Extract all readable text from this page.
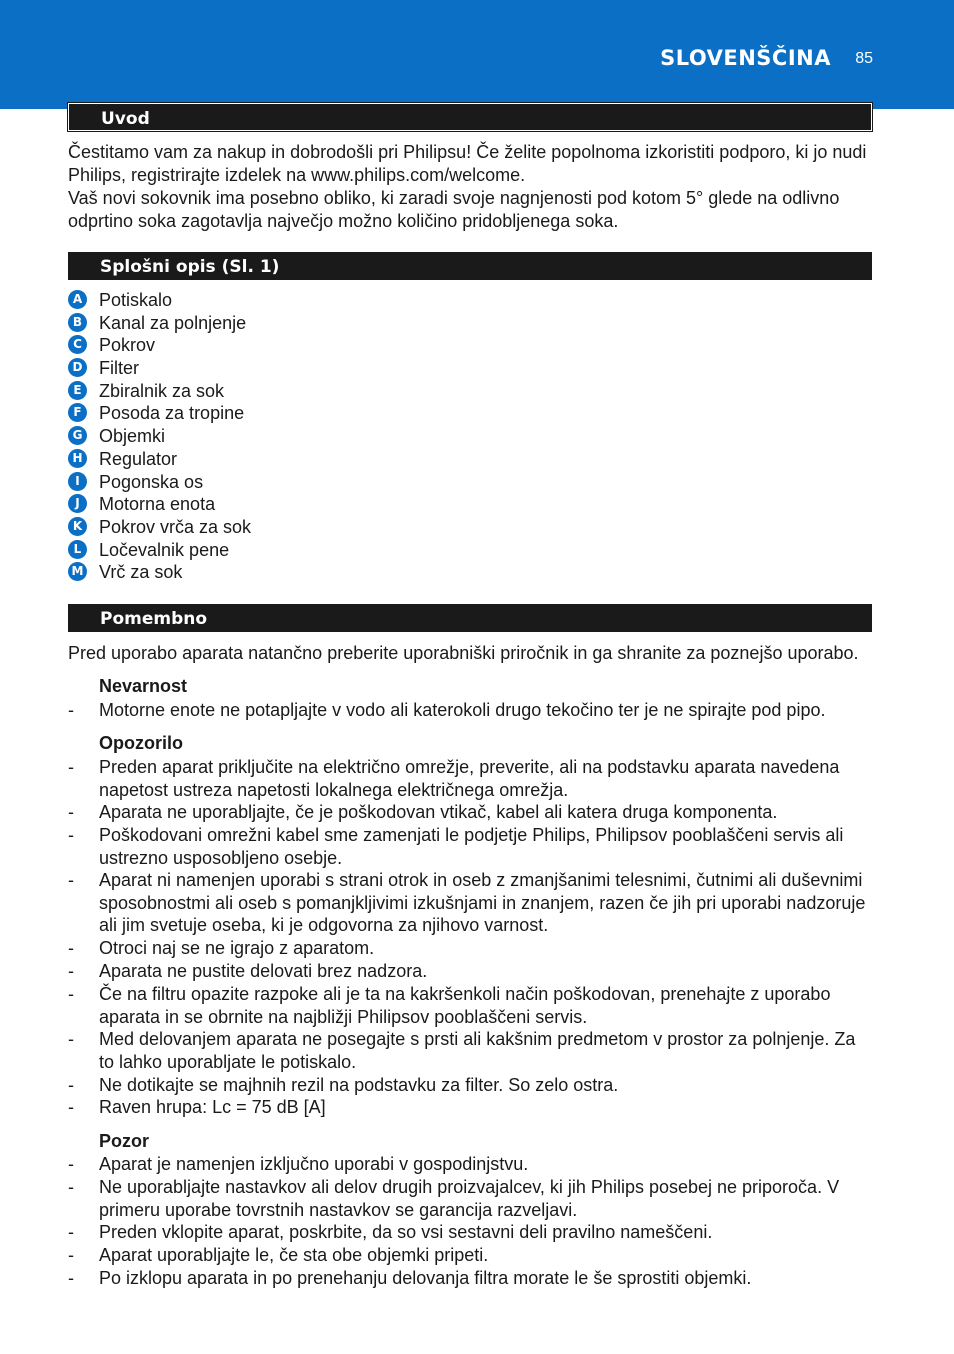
SLOVENŠČINA 85
Uvod
Čestitamo vam za nakup in dobrodošli pri Philipsu! Če želite popolnoma izkoristiti podporo, ki jo nudi Philips, registrirajte izdelek na www.philips.com/welcome.
Vaš novi sokovnik ima posebno obliko, ki zaradi svoje nagnjenosti pod kotom 5° glede na odlivno odprtino soka zagotavlja največjo možno količino pridobljenega soka.
Splošni opis (Sl. 1)
A Potiskalo
B Kanal za polnjenje
C Pokrov
D Filter
E Zbiralnik za sok
F Posoda za tropine
G Objemki
H Regulator
I	Pogonska os
J	Motorna enota
K Pokrov vrča za sok
L Ločevalnik pene
M Vrč za sok
Pomembno
Pred uporabo aparata natančno preberite uporabniški priročnik in ga shranite za poznejšo uporabo.
Nevarnost
- Motorne enote ne potapljajte v vodo ali katerokoli drugo tekočino ter je ne spirajte pod pipo.
Opozorilo
- Preden aparat priključite na električno omrežje, preverite, ali na podstavku aparata navedena napetost ustreza napetosti lokalnega električnega omrežja.
- Aparata ne uporabljajte, če je poškodovan vtikač, kabel ali katera druga komponenta.
- Poškodovani omrežni kabel sme zamenjati le podjetje Philips, Philipsov pooblaščeni servis ali ustrezno usposobljeno osebje.
- Aparat ni namenjen uporabi s strani otrok in oseb z zmanjšanimi telesnimi, čutnimi ali duševnimi sposobnostmi ali oseb s pomanjkljivimi izkušnjami in znanjem, razen če jih pri uporabi nadzoruje ali jim svetuje oseba, ki je odgovorna za njihovo varnost.
- Otroci naj se ne igrajo z aparatom.
- Aparata ne pustite delovati brez nadzora.
- Če na filtru opazite razpoke ali je ta na kakršenkoli način poškodovan, prenehajte z uporabo aparata in se obrnite na najbližji Philipsov pooblaščeni servis.
- Med delovanjem aparata ne posegajte s prsti ali kakšnim predmetom v prostor za polnjenje. Za to lahko uporabljate le potiskalo.
- Ne dotikajte se majhnih rezil na podstavku za filter. So zelo ostra.
- Raven hrupa: Lc = 75 dB [A]
Pozor
- Aparat je namenjen izključno uporabi v gospodinjstvu.
- Ne uporabljajte nastavkov ali delov drugih proizvajalcev, ki jih Philips posebej ne priporoča. V primeru uporabe tovrstnih nastavkov se garancija razveljavi.
- Preden vklopite aparat, poskrbite, da so vsi sestavni deli pravilno nameščeni.
- Aparat uporabljajte le, če sta obe objemki pripeti.
- Po izklopu aparata in po prenehanju delovanja filtra morate le še sprostiti objemki.
